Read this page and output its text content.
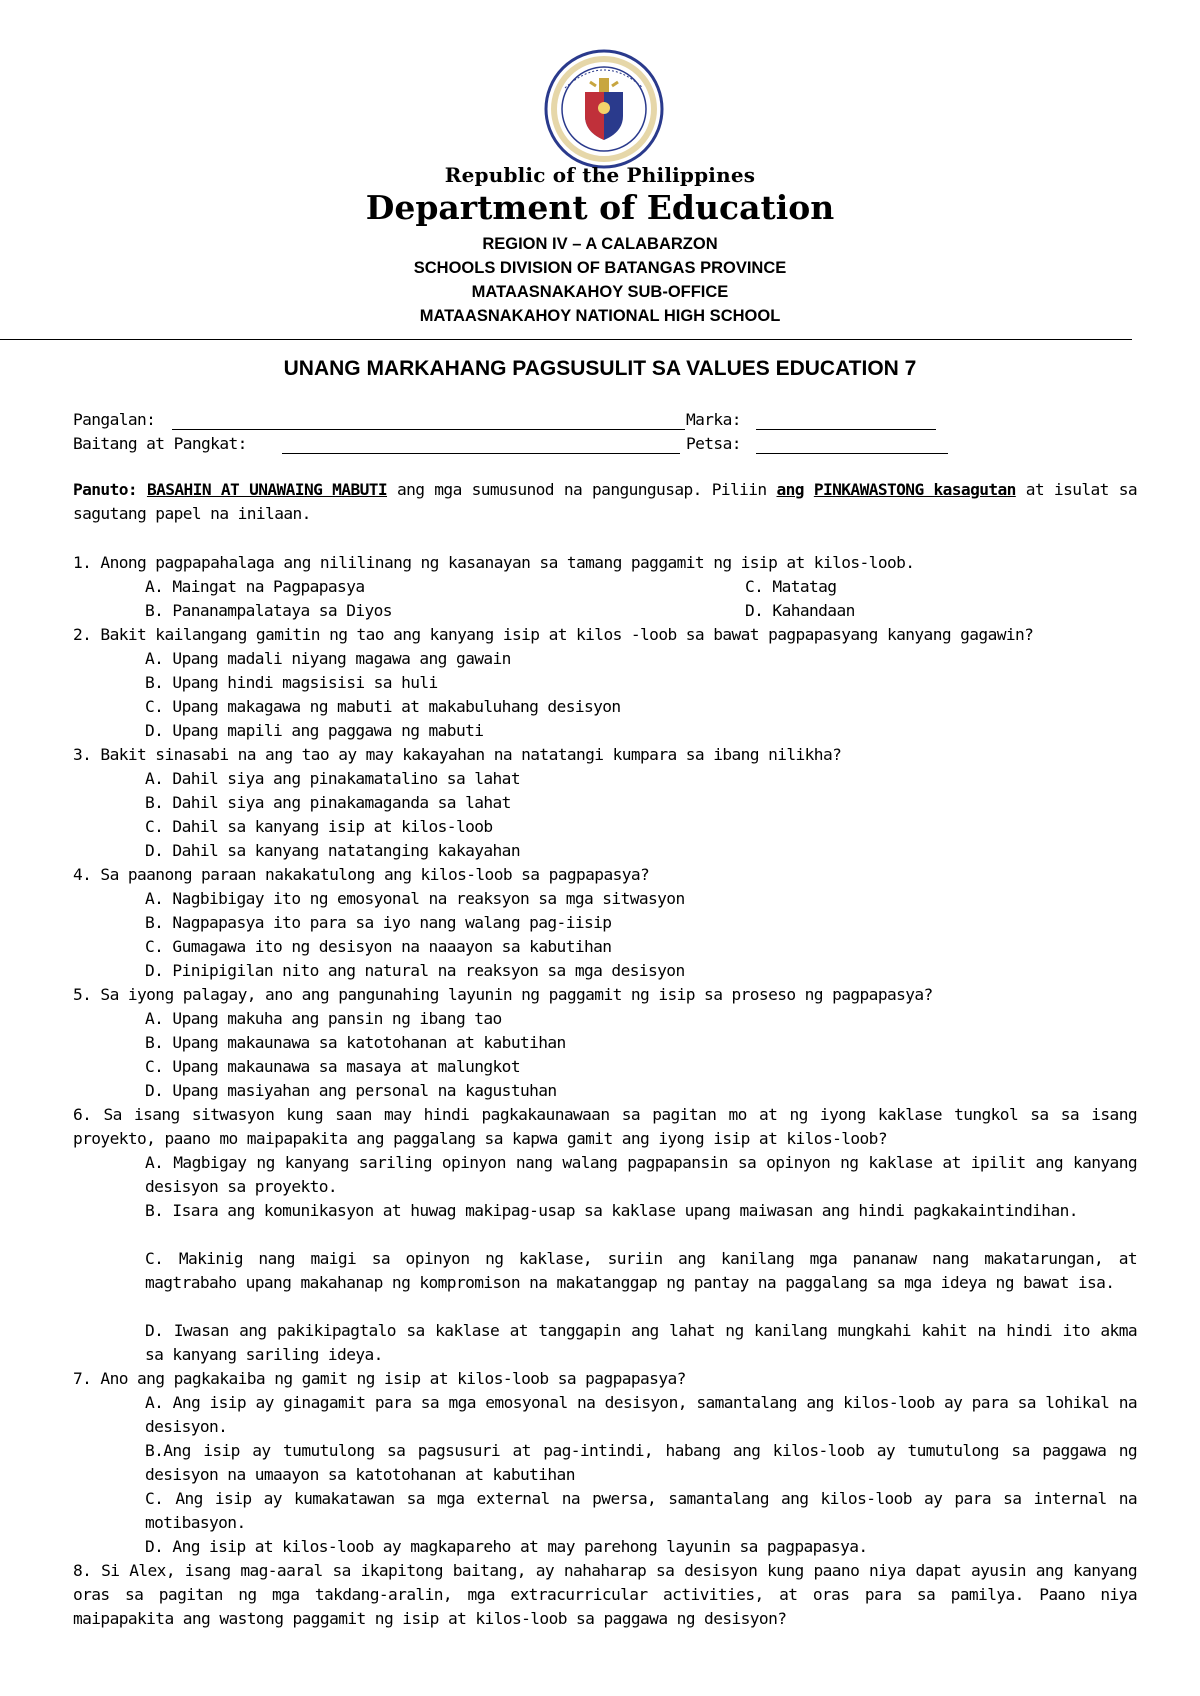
Republic of the Philippines
Department of Education
REGION IV – A CALABARZON
SCHOOLS DIVISION OF BATANGAS PROVINCE
MATAASNAKAHOY SUB-OFFICE
MATAASNAKAHOY NATIONAL HIGH SCHOOL
UNANG MARKAHANG PAGSUSULIT SA VALUES EDUCATION 7
Pangalan:	Marka:
Baitang at Pangkat:	Petsa:
Panuto: BASAHIN AT UNAWAING MABUTI ang mga sumusunod na pangungusap. Piliin ang PINKAWASTONG kasagutan at isulat sa sagutang papel na inilaan.
1. Anong pagpapahalaga ang nililinang ng kasanayan sa tamang paggamit ng isip at kilos-loob.
A. Maingat na Pagpapasya
B. Pananampalataya sa Diyos
C. Matatag
D. Kahandaan
2. Bakit kailangang gamitin ng tao ang kanyang isip at kilos -loob sa bawat pagpapasyang kanyang gagawin?
A. Upang madali niyang magawa ang gawain
B. Upang hindi magsisisi sa huli
C. Upang makagawa ng mabuti at makabuluhang desisyon
D. Upang mapili ang paggawa ng mabuti
3. Bakit sinasabi na ang tao ay may kakayahan na natatangi kumpara sa ibang nilikha?
A. Dahil siya ang pinakamatalino sa lahat
B. Dahil siya ang pinakamaganda sa lahat
C. Dahil sa kanyang isip at kilos-loob
D. Dahil sa kanyang natatanging kakayahan
4. Sa paanong paraan nakakatulong ang kilos-loob sa pagpapasya?
A. Nagbibigay ito ng emosyonal na reaksyon sa mga sitwasyon
B. Nagpapasya ito para sa iyo nang walang pag-iisip
C. Gumagawa ito ng desisyon na naaayon sa kabutihan
D. Pinipigilan nito ang natural na reaksyon sa mga desisyon
5. Sa iyong palagay, ano ang pangunahing layunin ng paggamit ng isip sa proseso ng pagpapasya?
A. Upang makuha ang pansin ng ibang tao
B. Upang makaunawa sa katotohanan at kabutihan
C. Upang makaunawa sa masaya at malungkot
D. Upang masiyahan ang personal na kagustuhan
6. Sa isang sitwasyon kung saan may hindi pagkakaunawaan sa pagitan mo at ng iyong kaklase tungkol sa sa isang proyekto, paano mo maipapakita ang paggalang sa kapwa gamit ang iyong isip at kilos-loob?
A. Magbigay ng kanyang sariling opinyon nang walang pagpapansin sa opinyon ng kaklase at ipilit ang kanyang desisyon sa proyekto.
B. Isara ang komunikasyon at huwag makipag-usap sa kaklase upang maiwasan ang hindi pagkakaintindihan.
C. Makinig nang maigi sa opinyon ng kaklase, suriin ang kanilang mga pananaw nang makatarungan, at magtrabaho upang makahanap ng kompromison na makatanggap ng pantay na paggalang sa mga ideya ng bawat isa.
D. Iwasan ang pakikipagtalo sa kaklase at tanggapin ang lahat ng kanilang mungkahi kahit na hindi ito akma sa kanyang sariling ideya.
7. Ano ang pagkakaiba ng gamit ng isip at kilos-loob sa pagpapasya?
A. Ang isip ay ginagamit para sa mga emosyonal na desisyon, samantalang ang kilos-loob ay para sa lohikal na desisyon.
B.Ang isip ay tumutulong sa pagsusuri at pag-intindi, habang ang kilos-loob ay tumutulong sa paggawa ng desisyon na umaayon sa katotohanan at kabutihan
C. Ang isip ay kumakatawan sa mga external na pwersa, samantalang ang kilos-loob ay para sa internal na motibasyon.
D. Ang isip at kilos-loob ay magkapareho at may parehong layunin sa pagpapasya.
8. Si Alex, isang mag-aaral sa ikapitong baitang, ay nahaharap sa desisyon kung paano niya dapat ayusin ang kanyang oras sa pagitan ng mga takdang-aralin, mga extracurricular activities, at oras para sa pamilya. Paano niya maipapakita ang wastong paggamit ng isip at kilos-loob sa paggawa ng desisyon?
